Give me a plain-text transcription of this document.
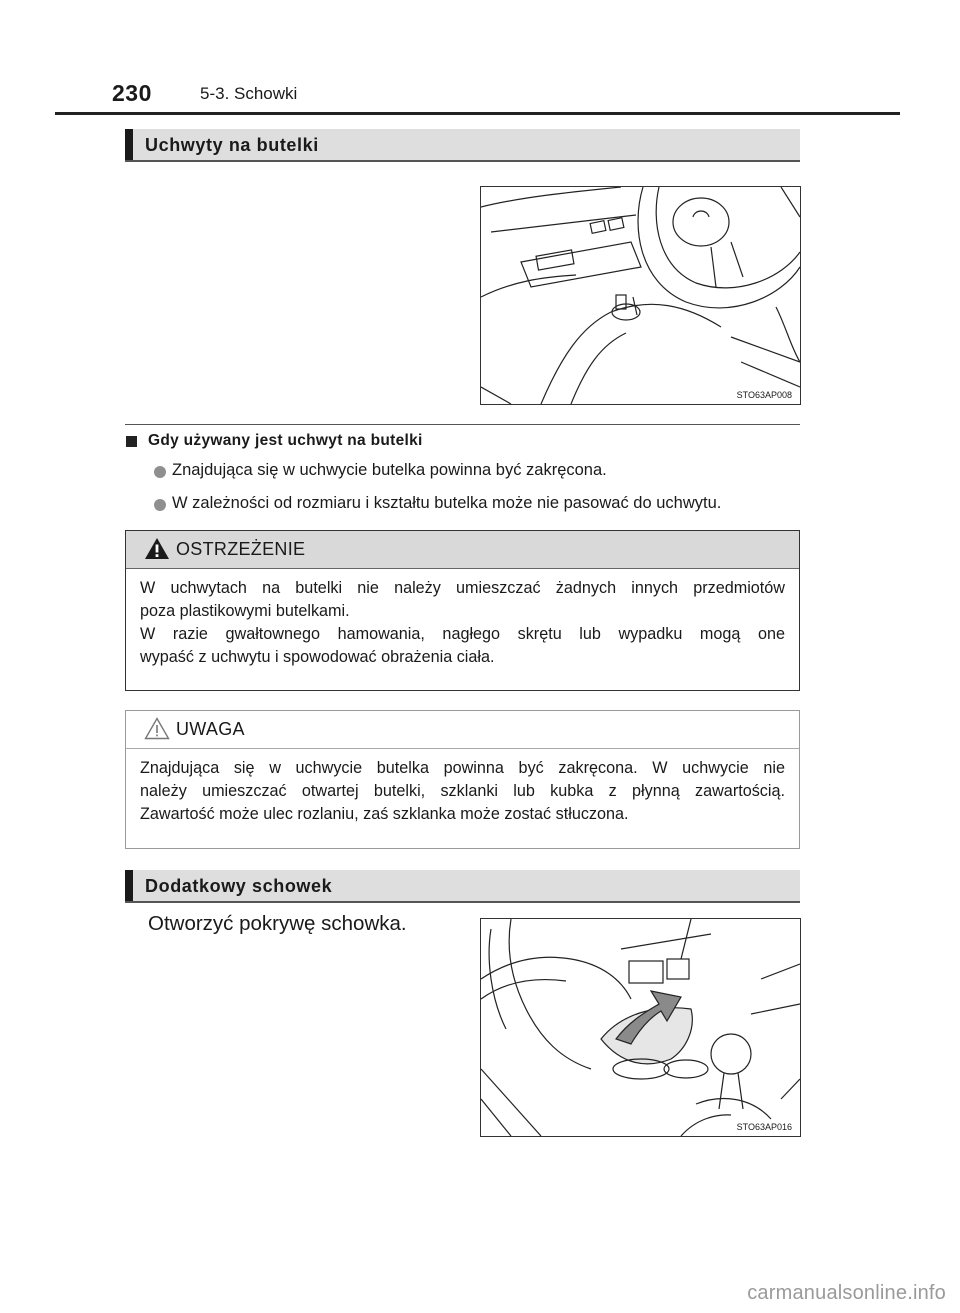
230	5-3. Schowki
Uchwyty na butelki
STO63AP008
Gdy używany jest uchwyt na butelki
Znajdująca się w uchwycie butelka powinna być zakręcona.
W zależności od rozmiaru i kształtu butelka może nie pasować do uchwytu.
OSTRZEŻENIE

W uchwytach na butelki nie należy umieszczać żadnych innych przedmiotów

poza plastikowymi butelkami.

W razie gwałtownego hamowania, nagłego skrętu lub wypadku mogą one

wypaść z uchwytu i spowodować obrażenia ciała.

UWAGA

Znajdująca się w uchwycie butelka powinna być zakręcona. W uchwycie nie

należy umieszczać otwartej butelki, szklanki lub kubka z płynną zawartością.

Zawartość może ulec rozlaniu, zaś szklanka może zostać stłuczona.

Dodatkowy schowek
Otworzyć pokrywę schowka.
STO63AP016
carmanualsonline.info
